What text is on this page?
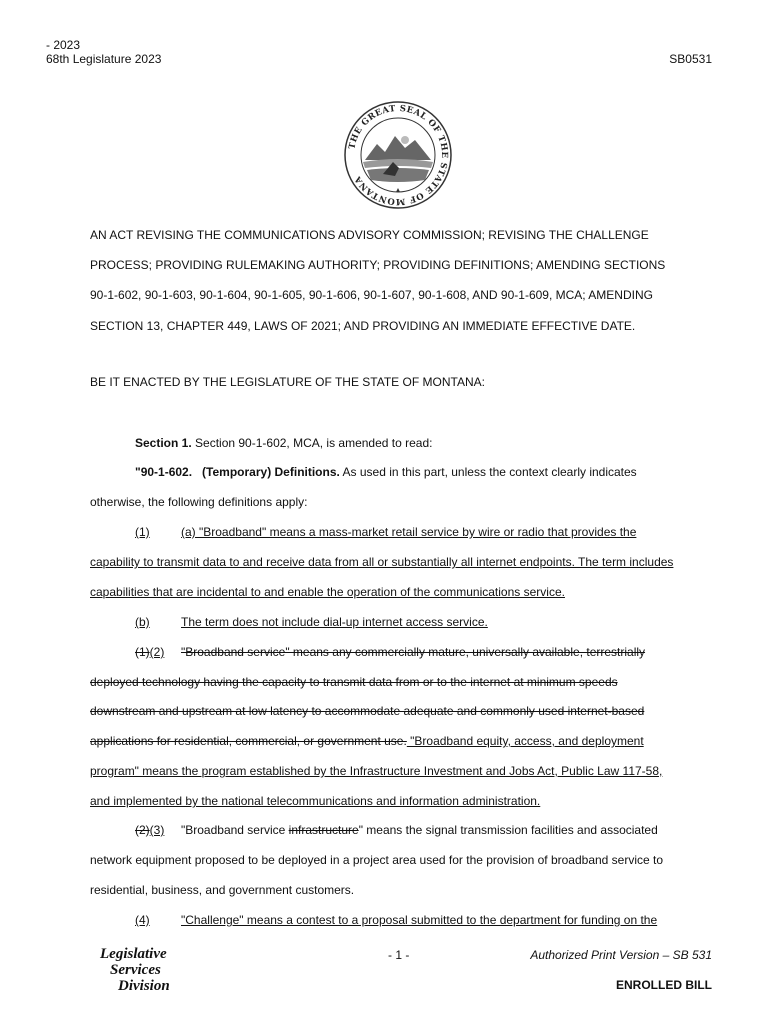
- 2023
68th Legislature 2023	SB0531
THE GREAT SEAL OF THE STATE OF MONTANA
AN ACT REVISING THE COMMUNICATIONS ADVISORY COMMISSION; REVISING THE CHALLENGE
PROCESS; PROVIDING RULEMAKING AUTHORITY; PROVIDING DEFINITIONS; AMENDING SECTIONS
90-1-602, 90-1-603, 90-1-604, 90-1-605, 90-1-606, 90-1-607, 90-1-608, AND 90-1-609, MCA; AMENDING
SECTION 13, CHAPTER 449, LAWS OF 2021; AND PROVIDING AN IMMEDIATE EFFECTIVE DATE.
BE IT ENACTED BY THE LEGISLATURE OF THE STATE OF MONTANA:
Section 1. Section 90-1-602, MCA, is amended to read:
"90-1-602.   (Temporary) Definitions. As used in this part, unless the context clearly indicates
otherwise, the following definitions apply:
(1)	(a) "Broadband" means a mass-market retail service by wire or radio that provides the
capability to transmit data to and receive data from all or substantially all internet endpoints. The term includes
capabilities that are incidental to and enable the operation of the communications service.
(b)	The term does not include dial-up internet access service.
(1)(2) "Broadband service" means any commercially mature, universally available, terrestrially
deployed technology having the capacity to transmit data from or to the internet at minimum speeds
downstream and upstream at low latency to accommodate adequate and commonly used internet-based
applications for residential, commercial, or government use. "Broadband equity, access, and deployment
program" means the program established by the Infrastructure Investment and Jobs Act, Public Law 117-58,
and implemented by the national telecommunications and information administration.
(2)(3) "Broadband service infrastructure" means the signal transmission facilities and associated
network equipment proposed to be deployed in a project area used for the provision of broadband service to
residential, business, and government customers.
(4)	"Challenge" means a contest to a proposal submitted to the department for funding on the
Legislative
Services
Division
- 1 -	Authorized Print Version – SB 531
ENROLLED BILL
